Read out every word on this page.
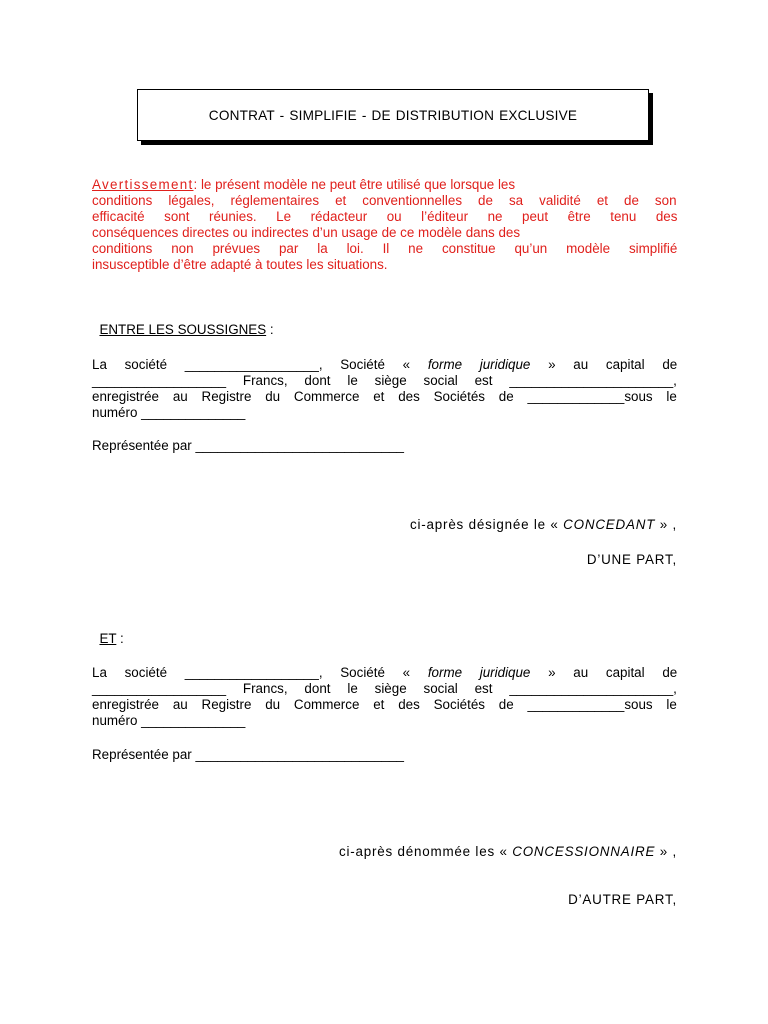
CONTRAT - SIMPLIFIE - DE DISTRIBUTION EXCLUSIVE
Avertissement: le présent modèle ne peut être utilisé que lorsque les
conditions légales, réglementaires et conventionnelles de sa validité et de son
efficacité sont réunies. Le rédacteur ou l’éditeur ne peut être tenu des
conséquences directes ou indirectes d’un usage de ce modèle dans des
conditions non prévues par la loi. Il ne constitue qu’un modèle simplifié
insusceptible d’être adapté à toutes les situations.

ENTRE LES SOUSSIGNES :

La société __________________, Société « forme juridique » au capital de
__________________ Francs, dont le siège social est ______________________,
enregistrée au Registre du Commerce et des Sociétés de _____________sous le
numéro ______________
Représentée par ____________________________
ci-après désignée le « CONCEDANT » ,
D’UNE PART,

ET :

La société __________________, Société « forme juridique » au capital de
__________________ Francs, dont le siège social est ______________________,
enregistrée au Registre du Commerce et des Sociétés de _____________sous le
numéro ______________
Représentée par ____________________________
ci-après dénommée les « CONCESSIONNAIRE » ,
D’AUTRE PART,
